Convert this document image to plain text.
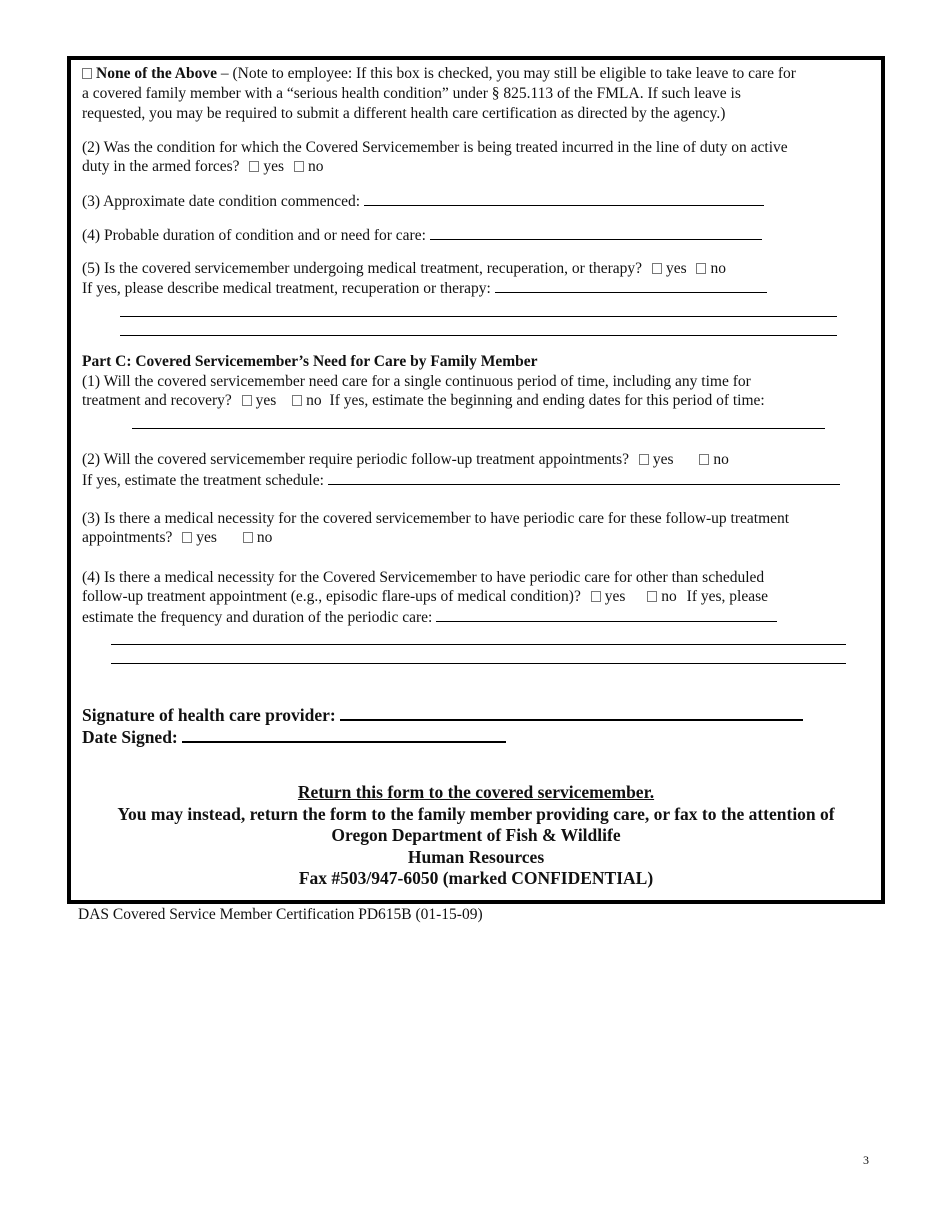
None of the Above – (Note to employee: If this box is checked, you may still be eligible to take leave to care for
a covered family member with a “serious health condition” under § 825.113 of the FMLA. If such leave is
requested, you may be required to submit a different health care certification as directed by the agency.)
(2) Was the condition for which the Covered Servicemember is being treated incurred in the line of duty on active
duty in the armed forces? yes no
(3) Approximate date condition commenced:
(4) Probable duration of condition and or need for care:
(5) Is the covered servicemember undergoing medical treatment, recuperation, or therapy? yes no
If yes, please describe medical treatment, recuperation or therapy:
Part C: Covered Servicemember’s Need for Care by Family Member
(1) Will the covered servicemember need care for a single continuous period of time, including any time for
treatment and recovery? yes no If yes, estimate the beginning and ending dates for this period of time:
(2) Will the covered servicemember require periodic follow-up treatment appointments? yes	no
If yes, estimate the treatment schedule:
(3) Is there a medical necessity for the covered servicemember to have periodic care for these follow-up treatment
appointments? yes	no
(4) Is there a medical necessity for the Covered Servicemember to have periodic care for other than scheduled
follow-up treatment appointment (e.g., episodic flare-ups of medical condition)? yes no If yes, please
estimate the frequency and duration of the periodic care:
Signature of health care provider:
Date Signed:
Return this form to the covered servicemember.
You may instead, return the form to the family member providing care, or fax to the attention of
Oregon Department of Fish & Wildlife
Human Resources
Fax #503/947-6050 (marked CONFIDENTIAL)
DAS Covered Service Member Certification PD615B (01-15-09)
3
